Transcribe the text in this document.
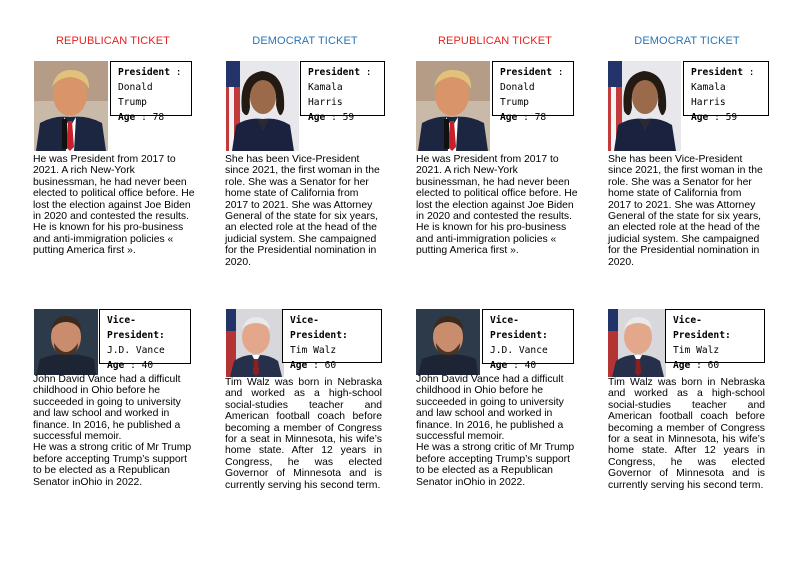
REPUBLICAN TICKET
President :
Donald Trump
Age : 78
He was President from 2017 to 2021. A rich New-York businessman, he had never been elected to political office before. He lost the election against Joe Biden in 2020 and contested the results. He is known for his pro-business and anti-immigration policies « putting America first ».
Vice-President:
J.D. Vance
Age : 40

John David Vance had a difficult childhood in Ohio before he succeeded in going to university and law school and worked in finance. In 2016, he published a successful memoir.

He was a strong critic of Mr Trump before accepting Trump’s support to be elected as a Republican Senator inOhio in 2022.

DEMOCRAT TICKET
President :
Kamala Harris
Age : 59
She has been Vice-President since 2021, the first woman in the role. She was a Senator for her home state of California from 2017 to 2021. She was Attorney General of the state for six years, an elected role at the head of the judicial system. She campaigned for the Presidential nomination in 2020.
Vice-President:
Tim Walz
Age : 60

Tim Walz was born in Nebraska and worked as a high-school social-studies teacher and American football coach before becoming a member of Congress for a seat in Minnesota, his wife’s home state. After 12 years in Congress, he was elected Governor of Minnesota and is currently serving his second term.

REPUBLICAN TICKET
President :
Donald Trump
Age : 78
He was President from 2017 to 2021. A rich New-York businessman, he had never been elected to political office before. He lost the election against Joe Biden in 2020 and contested the results. He is known for his pro-business and anti-immigration policies « putting America first ».
Vice-President:
J.D. Vance
Age : 40

John David Vance had a difficult childhood in Ohio before he succeeded in going to university and law school and worked in finance. In 2016, he published a successful memoir.

He was a strong critic of Mr Trump before accepting Trump’s support to be elected as a Republican Senator inOhio in 2022.

DEMOCRAT TICKET
President :
Kamala Harris
Age : 59
She has been Vice-President since 2021, the first woman in the role. She was a Senator for her home state of California from 2017 to 2021. She was Attorney General of the state for six years, an elected role at the head of the judicial system. She campaigned for the Presidential nomination in 2020.
Vice-President:
Tim Walz
Age : 60

Tim Walz was born in Nebraska and worked as a high-school social-studies teacher and American football coach before becoming a member of Congress for a seat in Minnesota, his wife’s home state. After 12 years in Congress, he was elected Governor of Minnesota and is currently serving his second term.
